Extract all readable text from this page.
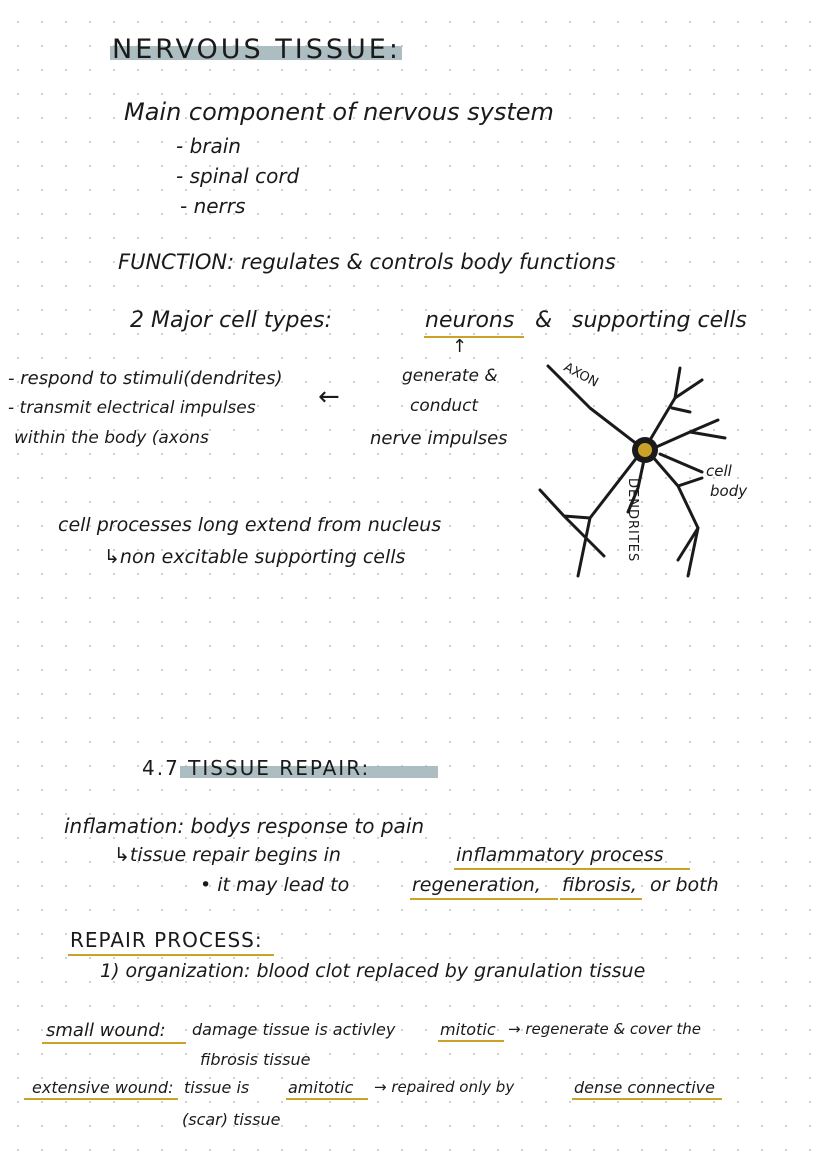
NERVOUS TISSUE:
Main component of nervous system
- brain
- spinal cord
- nerrs
FUNCTION: regulates & controls body functions
2 Major cell types:	neurons & supporting cells
↑
- respond to stimuli(dendrites)
- transmit electrical impulses
within the body (axons
←
generate &
conduct
nerve impulses
cell processes long extend from nucleus
↳non excitable supporting cells
AXON
cell
body
DENDRITES
4.7 TISSUE REPAIR:
inflamation: bodys response to pain
↳tissue repair begins in	inflammatory process
• it may lead to	regeneration, fibrosis, or both
REPAIR PROCESS:
1) organization: blood clot replaced by granulation tissue
small wound: damage tissue is activley	mitotic → regenerate & cover the
fibrosis tissue
extensive wound: tissue is amitotic → repaired only by	dense connective
(scar) tissue
